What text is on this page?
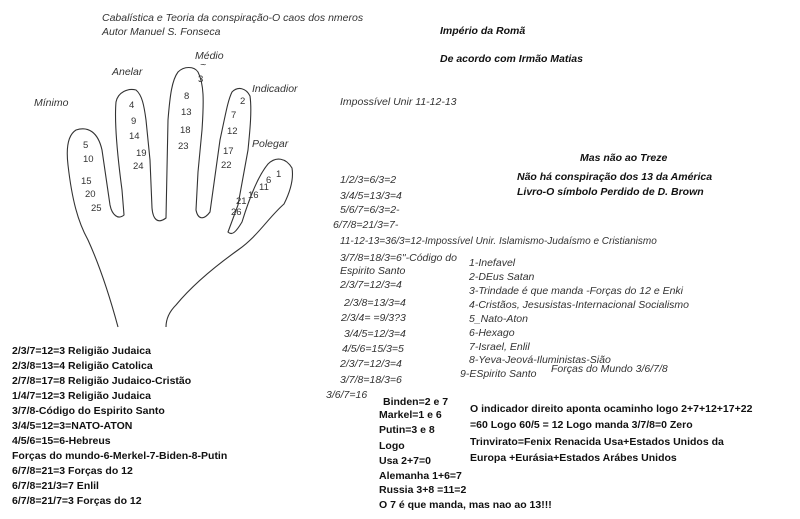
Cabalística e Teoria da conspiração-O caos dos nmeros
Autor Manuel S. Fonseca	Império da Romã
De acordo com Irmão Matias
Impossível Unir 11-12-13
Médio
~
Anelar
Indicadior
Mínimo
Polegar
3
8
13
18
23
4
9
14
19
24
2
7
12
17
22
5
10
15
20
25
1
6
11
16
21
26
Mas não ao Treze
Não há conspiração dos 13 da América
Livro-O símbolo Perdido de D. Brown
1/2/3=6/3=2
3/4/5=13/3=4
5/6/7=6/3=2-
6/7/8=21/3=7-
11-12-13=36/3=12-Impossível Unir. Islamismo-Judaísmo e Cristianismo
3/7/8=18/3=6"-Código do
Espirito Santo
2/3/7=12/3=4
2/3/8=13/3=4
2/3/4= =9/3?3
3/4/5=12/3=4
4/5/6=15/3=5
2/3/7=12/3=4
3/7/8=18/3=6
3/6/7=16
1-Inefavel
2-DEus Satan
3-Trindade é que manda -Forças do 12 e Enki
4-Cristãos, Jesusistas-Internacional Socialismo
5_Nato-Aton
6-Hexago
7-Israel, Enlil
8-Yeva-Jeová-Iluministas-Sião
9-ESpirito Santo Forças do Mundo 3/6/7/8
2/3/7=12=3 Religião Judaica
2/3/8=13=4 Religião Catolica
2/7/8=17=8 Religião Judaico-Cristão
1/4/7=12=3 Religião Judaica
3/7/8-Código do Espirito Santo
3/4/5=12=3=NATO-ATON
4/5/6=15=6-Hebreus
Forças do mundo-6-Merkel-7-Biden-8-Putin
6/7/8=21=3 Forças do 12
6/7/8=21/3=7 Enlil
6/7/8=21/7=3 Forças do 12
Binden=2 e 7
Markel=1 e 6
Putin=3 e 8
Logo
Usa 2+7=0
Alemanha 1+6=7
Russia 3+8 =11=2
O 7 é que manda, mas nao ao 13!!!
O indicador direito aponta ocaminho logo 2+7+12+17+22
=60 Logo 60/5 = 12 Logo manda 3/7/8=0 Zero
Trinvirato=Fenix Renacida Usa+Estados Unidos da
Europa +Eurásia+Estados Arábes Unidos
